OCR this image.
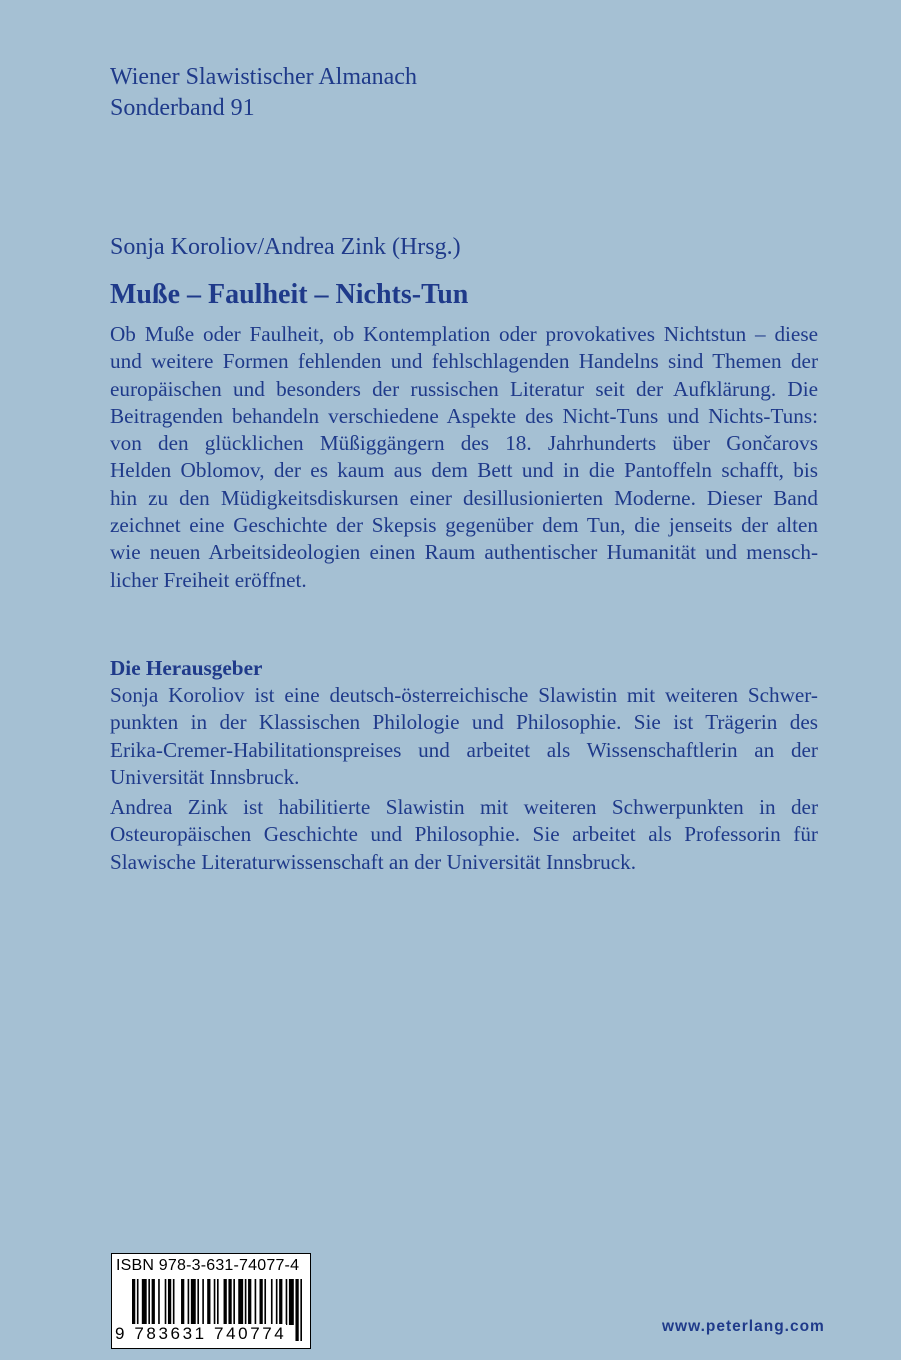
Wiener Slawistischer Almanach
Sonderband 91
Sonja Koroliov/Andrea Zink (Hrsg.)
Muße – Faulheit – Nichts-Tun
Ob Muße oder Faulheit, ob Kontemplation oder provokatives Nichtstun – diese
und weitere Formen fehlenden und fehlschlagenden Handelns sind Themen der
europäischen und besonders der russischen Literatur seit der Aufklärung. Die
Beitragenden behandeln verschiedene Aspekte des Nicht-Tuns und Nichts-Tuns:
von den glücklichen Müßiggängern des 18. Jahrhunderts über Gončarovs
Helden Oblomov, der es kaum aus dem Bett und in die Pantoffeln schafft, bis
hin zu den Müdigkeitsdiskursen einer desillusionierten Moderne. Dieser Band
zeichnet eine Geschichte der Skepsis gegenüber dem Tun, die jenseits der alten
wie neuen Arbeitsideologien einen Raum authentischer Humanität und mensch-
licher Freiheit eröffnet.
Die Herausgeber
Sonja Koroliov ist eine deutsch-österreichische Slawistin mit weiteren Schwer-
punkten in der Klassischen Philologie und Philosophie. Sie ist Trägerin des
Erika-Cremer-Habilitationspreises und arbeitet als Wissenschaftlerin an der
Universität Innsbruck.
Andrea Zink ist habilitierte Slawistin mit weiteren Schwerpunkten in der
Osteuropäischen Geschichte und Philosophie. Sie arbeitet als Professorin für
Slawische Literaturwissenschaft an der Universität Innsbruck.
ISBN 978-3-631-74077-4
9 783631 740774	www.peterlang.com
